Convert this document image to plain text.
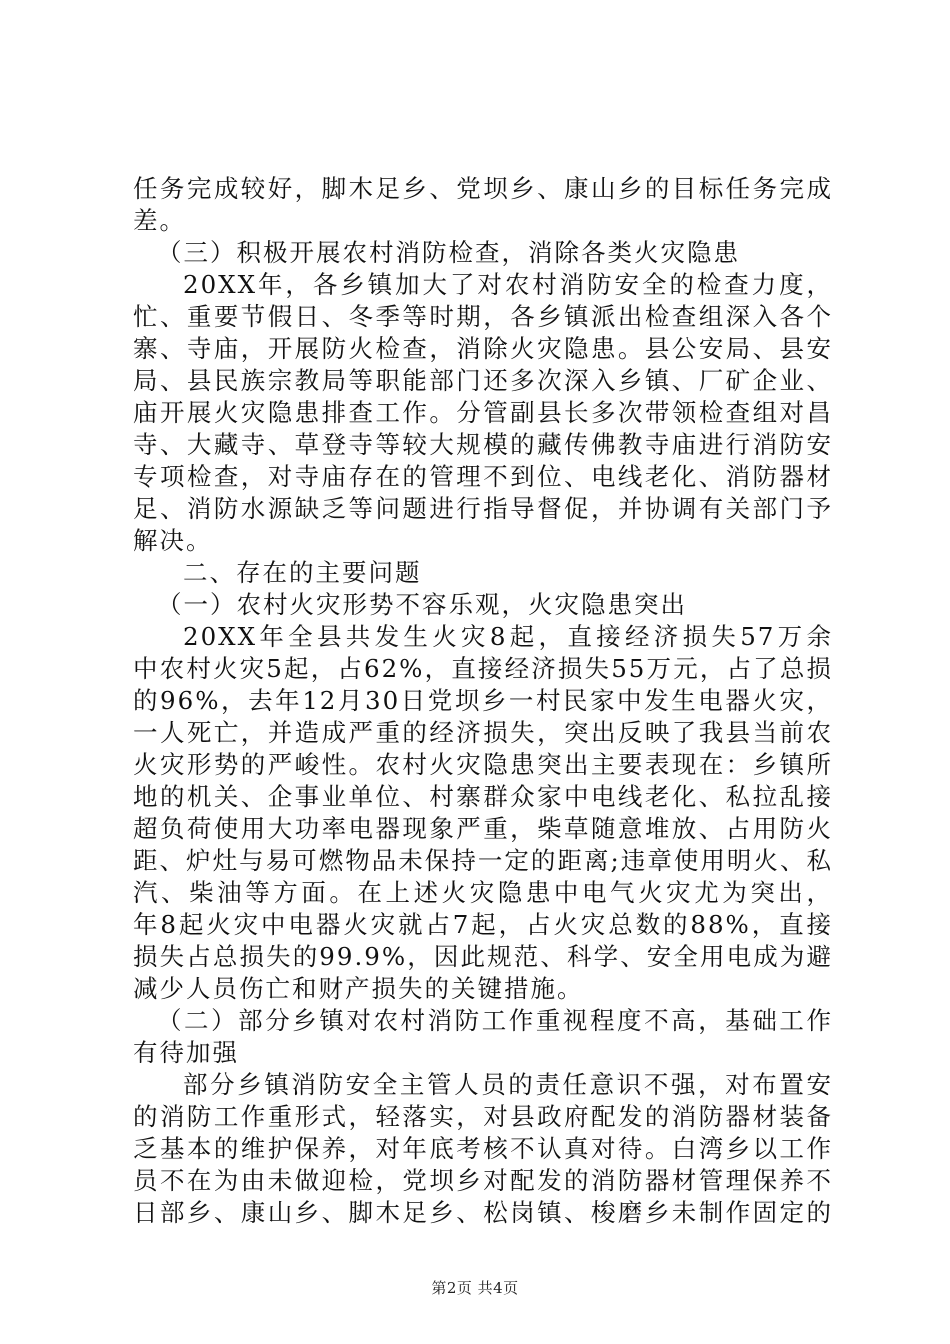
任务完成较好，脚木足乡、党坝乡、康山乡的目标任务完成
差。
（三）积极开展农村消防检查，消除各类火灾隐患
20XX年，各乡镇加大了对农村消防安全的检查力度，
忙、重要节假日、冬季等时期，各乡镇派出检查组深入各个
寨、寺庙，开展防火检查，消除火灾隐患。县公安局、县安
局、县民族宗教局等职能部门还多次深入乡镇、厂矿企业、
庙开展火灾隐患排查工作。分管副县长多次带领检查组对昌
寺、大藏寺、草登寺等较大规模的藏传佛教寺庙进行消防安
专项检查，对寺庙存在的管理不到位、电线老化、消防器材
足、消防水源缺乏等问题进行指导督促，并协调有关部门予
解决。
二、存在的主要问题
（一）农村火灾形势不容乐观，火灾隐患突出
20XX年全县共发生火灾8起，直接经济损失57万余
中农村火灾5起，占62%，直接经济损失55万元，占了总损
的96%，去年12月30日党坝乡一村民家中发生电器火灾，
一人死亡，并造成严重的经济损失，突出反映了我县当前农
火灾形势的严峻性。农村火灾隐患突出主要表现在：乡镇所
地的机关、企事业单位、村寨群众家中电线老化、私拉乱接
超负荷使用大功率电器现象严重，柴草随意堆放、占用防火
距、炉灶与易可燃物品未保持一定的距离;违章使用明火、私
汽、柴油等方面。在上述火灾隐患中电气火灾尤为突出，
年8起火灾中电器火灾就占7起，占火灾总数的88%，直接
损失占总损失的99.9%，因此规范、科学、安全用电成为避
减少人员伤亡和财产损失的关键措施。
（二）部分乡镇对农村消防工作重视程度不高，基础工作
有待加强
部分乡镇消防安全主管人员的责任意识不强，对布置安
的消防工作重形式，轻落实，对县政府配发的消防器材装备
乏基本的维护保养，对年底考核不认真对待。白湾乡以工作
员不在为由未做迎检，党坝乡对配发的消防器材管理保养不
日部乡、康山乡、脚木足乡、松岗镇、梭磨乡未制作固定的
第2页 共4页
